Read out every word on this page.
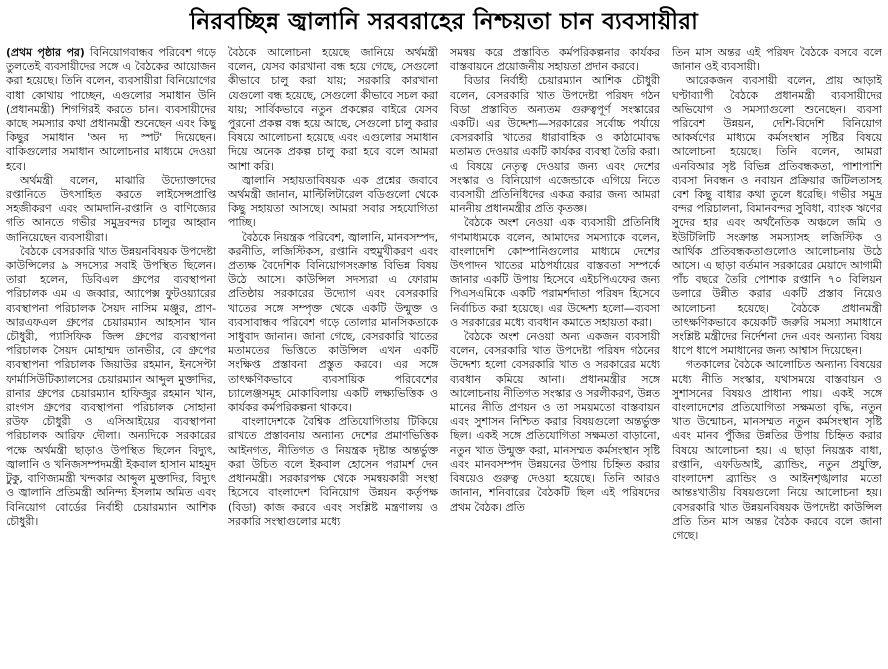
নিরবচ্ছিন্ন জ্বালানি সরবরাহের নিশ্চয়তা চান ব্যবসায়ীরা

(প্রথম পৃষ্ঠার পর) বিনিয়োগবান্ধব পরিবেশ গড়ে তুলতেই ব্যবসায়ীদের সঙ্গে এ বৈঠকের আয়োজন করা হয়েছে। তিনি বলেন, ব্যবসায়ীরা বিনিয়োগের বাধা কোথায় পাচ্ছেন, এগুলোর সমাধান উনি (প্রধানমন্ত্রী) শিগগিরই করতে চান। ব্যবসায়ীদের কাছে সমস্যার কথা প্রধানমন্ত্রী শুনেছেন এবং কিছু কিছুর সমাধান 'অন দ্য স্পট' দিয়েছেন। বাকিগুলোর সমাধান আলোচনার মাধ্যমে দেওয়া হবে।

অর্থমন্ত্রী বলেন, মাঝারি উদ্যোক্তাদের রপ্তানিতে উৎসাহিত করতে লাইসেন্সপ্রাপ্তি সহজীকরণ এবং আমদানি-রপ্তানি ও বাণিজ্যের গতি আনতে গভীর সমুদ্রবন্দর চালুর আহ্বান জানিয়েছেন ব্যবসায়ীরা।

বৈঠকে বেসরকারি খাত উন্নয়নবিষয়ক উপদেষ্টা কাউন্সিলের ৯ সদস্যের সবাই উপস্থিত ছিলেন। তারা হলেন, ডিবিএল গ্রুপের ব্যবস্থাপনা পরিচালক এম এ জব্বার, অ্যাপেক্স ফুটওয়্যারের ব্যবস্থাপনা পরিচালক সৈয়দ নাসিম মঞ্জুর, প্রাণ-আরএফএল গ্রুপের চেয়ারম্যান আহসান খান চৌধুরী, প্যাসিফিক জিন্স গ্রুপের ব্যবস্থাপনা পরিচালক সৈয়দ মোহাম্মদ তানভীর, বে গ্রুপের ব্যবস্থাপনা পরিচালক জিয়াউর রহমান, ইনসেপ্টা ফার্মাসিউটিক্যালসের চেয়ারম্যান আব্দুল মুক্তাদির, রানার গ্রুপের চেয়ারম্যান হাফিজুর রহমান খান, রাংগস গ্রুপের ব্যবস্থাপনা পরিচালক সোহানা রউফ চৌধুরী ও এসিআইয়ের ব্যবস্থাপনা পরিচালক আরিফ দৌলা। অন্যদিকে সরকারের পক্ষে অর্থমন্ত্রী ছাড়াও উপস্থিত ছিলেন বিদ্যুৎ, জ্বালানি ও খনিজসম্পদমন্ত্রী ইকবাল হাসান মাহমুদ টুকু, বাণিজ্যমন্ত্রী খন্দকার আব্দুল মুক্তাদির, বিদ্যুৎ ও জ্বালানি প্রতিমন্ত্রী অনিন্দ্য ইসলাম অমিত এবং বিনিয়োগ বোর্ডের নির্বাহী চেয়ারম্যান আশিক চৌধুরী।

বৈঠকে আলোচনা হয়েছে জানিয়ে অর্থমন্ত্রী বলেন, যেসব কারখানা বন্ধ হয়ে গেছে, সেগুলো কীভাবে চালু করা যায়; সরকারি কারখানা যেগুলো বন্ধ হয়েছে, সেগুলো কীভাবে সচল করা যায়; সার্বিকভাবে নতুন প্রকল্পের বাইরে যেসব পুরনো প্রকল্প বন্ধ হয়ে আছে, সেগুলো চালু করার বিষয়ে আলোচনা হয়েছে এবং এগুলোর সমাধান দিয়ে অনেক প্রকল্প চালু করা হবে বলে আমরা আশা করি।

জ্বালানি সহায়তাবিষয়ক এক প্রশ্নের জবাবে অর্থমন্ত্রী জানান, মাল্টিলিটারেল বডিগুলো থেকে কিছু সহায়তা আসছে। আমরা সবার সহযোগিতা পাচ্ছি।

বৈঠকে নিয়ন্ত্রক পরিবেশ, জ্বালানি, মানবসম্পদ, করনীতি, লজিস্টিকস, রপ্তানি বহুমুখীকরণ এবং প্রত্যক্ষ বৈদেশিক বিনিয়োগসংক্রান্ত বিভিন্ন বিষয় উঠে আসে। কাউন্সিল সদস্যরা এ ফোরাম প্রতিষ্ঠায় সরকারের উদ্যোগ এবং বেসরকারি খাতের সঙ্গে সম্পৃক্ত থেকে একটি উন্মুক্ত ও ব্যবসাবান্ধব পরিবেশ গড়ে তোলার মানসিকতাকে সাধুবাদ জানান। জানা গেছে, বেসরকারি খাতের মতামতের ভিত্তিতে কাউন্সিল এখন একটি সংক্ষিপ্ত প্রস্তাবনা প্রস্তুত করবে। এর সঙ্গে তাৎক্ষণিকভাবে ব্যবসায়িক পরিবেশের চ্যালেঞ্জসমূহ মোকাবিলায় একটি লক্ষ্যভিত্তিক ও কার্যকর কর্মপরিকল্পনা থাকবে।

বাংলাদেশকে বৈশ্বিক প্রতিযোগিতায় টিকিয়ে রাখতে প্রস্তাবনায় অন্যান্য দেশের প্রমাণভিত্তিক আইনগত, নীতিগত ও নিয়ন্ত্রক দৃষ্টান্ত অন্তর্ভুক্ত করা উচিত বলে ইকবাল হোসেন পরামর্শ দেন প্রধানমন্ত্রী। সরকারপক্ষ থেকে সমন্বয়কারী সংস্থা হিসেবে বাংলাদেশ বিনিয়োগ উন্নয়ন কর্তৃপক্ষ (বিডা) কাজ করবে এবং সংশ্লিষ্ট মন্ত্রণালয় ও সরকারি সংস্থাগুলোর মধ্যে

সমন্বয় করে প্রস্তাবিত কর্মপরিকল্পনার কার্যকর বাস্তবায়নে প্রয়োজনীয় সহায়তা প্রদান করবে।

বিডার নির্বাহী চেয়ারম্যান আশিক চৌধুরী বলেন, বেসরকারি খাত উপদেষ্টা পরিষদ গঠন বিডা প্রস্তাবিত অন্যতম গুরুত্বপূর্ণ সংস্কারের একটি। এর উদ্দেশ্য—সরকারের সর্বোচ্চ পর্যায়ে বেসরকারি খাতের ধারাবাহিক ও কাঠামোবদ্ধ মতামত দেওয়ার একটি কার্যকর ব্যবস্থা তৈরি করা। এ বিষয়ে নেতৃত্ব দেওয়ার জন্য এবং দেশের সংস্কার ও বিনিয়োগ এজেন্ডাকে এগিয়ে নিতে ব্যবসায়ী প্রতিনিধিদের একত্র করার জন্য আমরা মাননীয় প্রধানমন্ত্রীর প্রতি কৃতজ্ঞ।

বৈঠকে অংশ নেওয়া এক ব্যবসায়ী প্রতিনিধি গণমাধ্যমকে বলেন, আমাদের সমস্যাকে বলেন, বাংলাদেশি কোম্পানিগুলোর মাধ্যমে দেশের উৎপাদন খাতের মাঠপর্যায়ের বাস্তবতা সম্পর্কে জানার একটি উপায় হিসেবে এইচপিএফের জন্য পিএসএমিকে একটি পরামর্শদাতা পরিষদ হিসেবে নির্বাচিত করা হয়েছে। এর উদ্দেশ্য হলো—ব্যবসা ও সরকারের মধ্যে ব্যবধান কমাতে সহায়তা করা।

বৈঠকে অংশ নেওয়া অন্য একজন ব্যবসায়ী বলেন, বেসরকারি খাত উপদেষ্টা পরিষদ গঠনের উদ্দেশ্য হলো বেসরকারি খাত ও সরকারের মধ্যে ব্যবধান কমিয়ে আনা। প্রধানমন্ত্রীর সঙ্গে আলোচনায় নীতিগত সংস্কার ও সরলীকরণ, উন্নত মানের নীতি প্রণয়ন ও তা সময়মতো বাস্তবায়ন এবং সুশাসন নিশ্চিত করার বিষয়গুলো অন্তর্ভুক্ত ছিল। একই সঙ্গে প্রতিযোগিতা সক্ষমতা বাড়ানো, নতুন খাত উন্মুক্ত করা, মানসম্মত কর্মসংস্থান সৃষ্টি এবং মানবসম্পদ উন্নয়নের উপায় চিহ্নিত করার বিষয়েও গুরুত্ব দেওয়া হয়েছে। তিনি আরও জানান, শনিবারের বৈঠকটি ছিল এই পরিষদের প্রথম বৈঠক। প্রতি

তিন মাস অন্তর এই পরিষদ বৈঠকে বসবে বলে জানান ওই ব্যবসায়ী।

আরেকজন ব্যবসায়ী বলেন, প্রায় আড়াই ঘণ্টাব্যাপী বৈঠকে প্রধানমন্ত্রী ব্যবসায়ীদের অভিযোগ ও সমস্যাগুলো শুনেছেন। ব্যবসা পরিবেশ উন্নয়ন, দেশি-বিদেশি বিনিয়োগ আকর্ষণের মাধ্যমে কর্মসংস্থান সৃষ্টির বিষয়ে আলোচনা হয়েছে। তিনি বলেন, আমরা এনবিআর সৃষ্ট বিভিন্ন প্রতিবন্ধকতা, পাশাপাশি ব্যবসা নিবন্ধন ও নবায়ন প্রক্রিয়ার জটিলতাসহ বেশ কিছু বাধার কথা তুলে ধরেছি। গভীর সমুদ্র বন্দর পরিচালনা, বিমানবন্দর সুবিধা, ব্যাংক ঋণের সুদের হার এবং অর্থনৈতিক অঞ্চলে জমি ও ইউটিলিটি সংক্রান্ত সমস্যাসহ লজিস্টিক ও আর্থিক প্রতিবন্ধকতাগুলোও আলোচনায় উঠে আসে। এ ছাড়া বর্তমান সরকারের মেয়াদে আগামী পাঁচ বছরে তৈরি পোশাক রপ্তানি ৭০ বিলিয়ন ডলারে উন্নীত করার একটি প্রস্তাব নিয়েও আলোচনা হয়েছে। বৈঠকে প্রধানমন্ত্রী তাৎক্ষণিকভাবে কয়েকটি জরুরি সমস্যা সমাধানে সংশ্লিষ্ট মন্ত্রীদের নির্দেশনা দেন এবং অন্যান্য বিষয় ধাপে ধাপে সমাধানের জন্য আশ্বাস দিয়েছেন।

গতকালের বৈঠকে আলোচিত অন্যান্য বিষয়ের মধ্যে নীতি সংস্কার, যথাসময়ে বাস্তবায়ন ও সুশাসনের বিষয়ও প্রাধান্য পায়। একই সঙ্গে বাংলাদেশের প্রতিযোগিতা সক্ষমতা বৃদ্ধি, নতুন খাত উন্মোচন, মানসম্মত নতুন কর্মসংস্থান সৃষ্টি এবং মানব পুঁজির উন্নতির উপায় চিহ্নিত করার বিষয়ে আলোচনা হয়। এ ছাড়া নিয়ন্ত্রক বাধা, রপ্তানি, এফডিআই, ব্র্যান্ডিং, নতুন প্রযুক্তি, বাংলাদেশ ব্র্যান্ডিং ও আইনশৃঙ্খলার মতো আন্তঃখাতীয় বিষয়গুলো নিয়ে আলোচনা হয়। বেসরকারি খাত উন্নয়নবিষয়ক উপদেষ্টা কাউন্সিল প্রতি তিন মাস অন্তর বৈঠক করবে বলে জানা গেছে।
